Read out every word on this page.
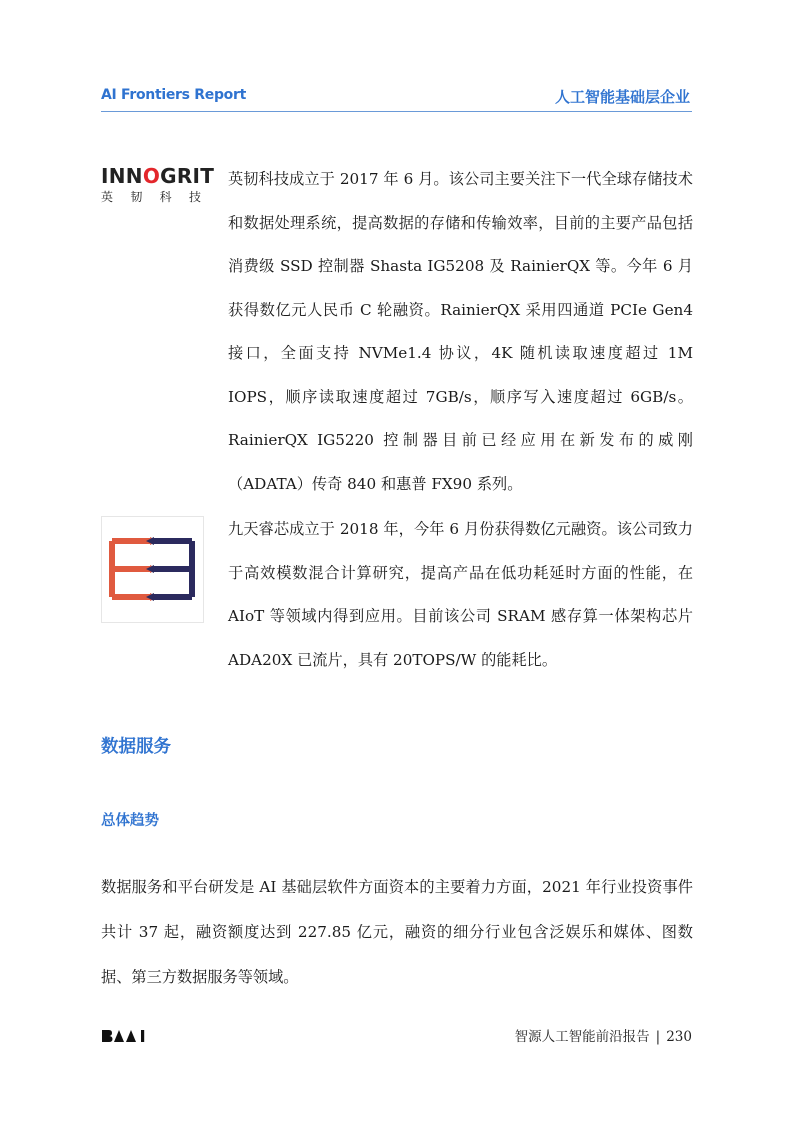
AI Frontiers Report	人工智能基础层企业
INNOGRIT
英 韧 科 技

英韧科技成立于 2017 年 6 月。该公司主要关注下一代全球存储技术和数据处理系统，提高数据的存储和传输效率，目前的主要产品包括消费级 SSD 控制器 Shasta IG5208 及 RainierQX 等。今年 6 月获得数亿元人民币 C 轮融资。RainierQX 采用四通道 PCIe Gen4 接口，全面支持 NVMe1.4 协议，4K 随机读取速度超过 1M IOPS，顺序读取速度超过 7GB/s，顺序写入速度超过 6GB/s。RainierQX IG5220 控制器目前已经应用在新发布的威刚（ADATA）传奇 840 和惠普 FX90 系列。

九天睿芯成立于 2018 年，今年 6 月份获得数亿元融资。该公司致力于高效模数混合计算研究，提高产品在低功耗延时方面的性能，在 AIoT 等领域内得到应用。目前该公司 SRAM 感存算一体架构芯片 ADA20X 已流片，具有 20TOPS/W 的能耗比。

数据服务
总体趋势

数据服务和平台研发是 AI 基础层软件方面资本的主要着力方面，2021 年行业投资事件共计 37 起，融资额度达到 227.85 亿元，融资的细分行业包含泛娱乐和媒体、图数据、第三方数据服务等领域。

智源人工智能前沿报告 | 230
